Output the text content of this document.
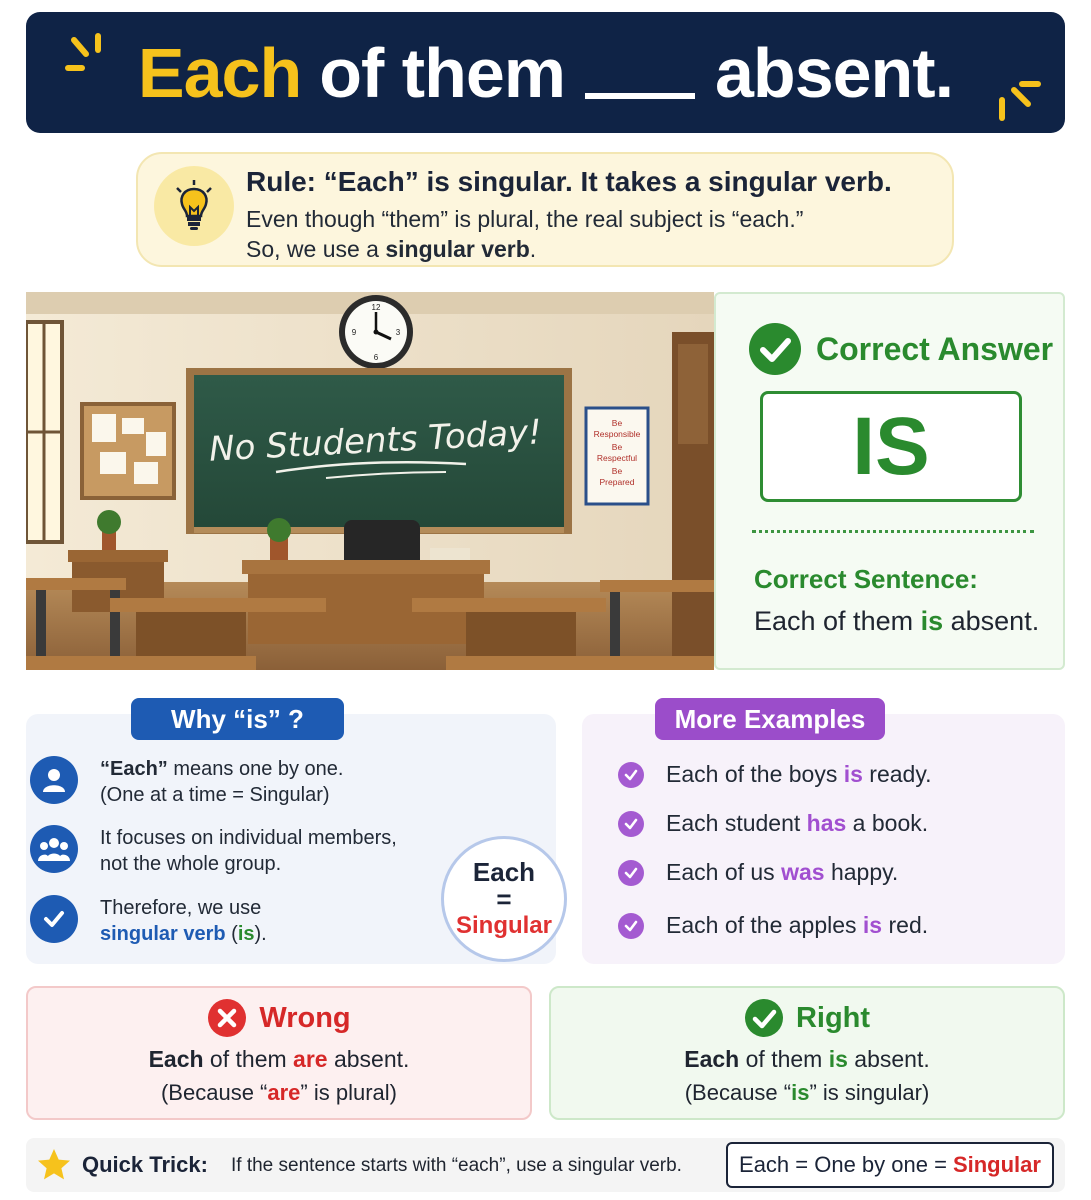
Each of them absent.
Rule: “Each” is singular. It takes a singular verb.
Even though “them” is plural, the real subject is “each.”
So, we use a singular verb.
12
3
6
9
No Students Today!	Be
Responsible
Be
Respectful
Be
Prepared
Correct Answer
IS
Correct Sentence:
Each of them is absent.
Why “is” ?
“Each” means one by one.
(One at a time = Singular)
It focuses on individual members,
not the whole group.
Therefore, we use
singular verb (is).
Each
=
Singular
More Examples
Each of the boys is ready.
Each student has a book.
Each of us was happy.
Each of the apples is red.
Wrong
Each of them are absent.
(Because “are” is plural)
Right
Each of them is absent.
(Because “is” is singular)
Quick Trick: If the sentence starts with “each”, use a singular verb.	Each = One by one = Singular
